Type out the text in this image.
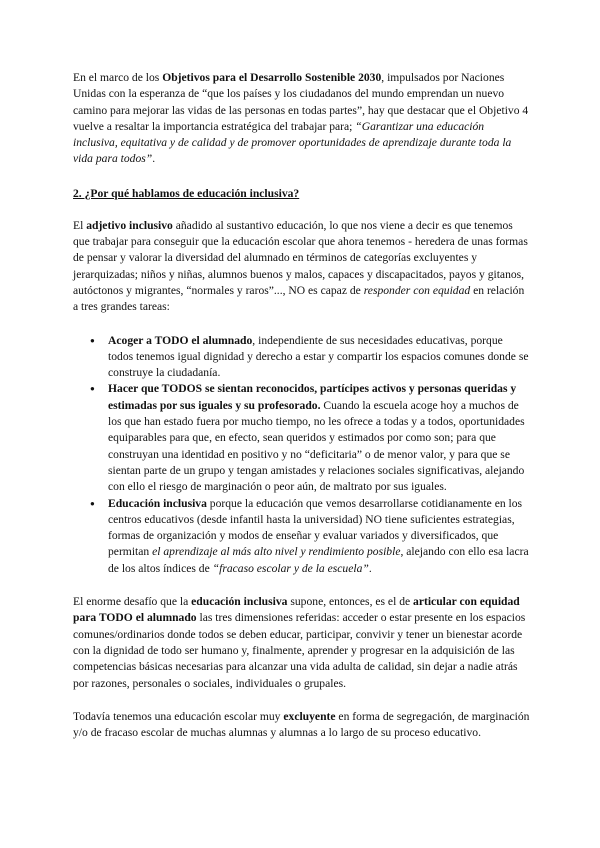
En el marco de los Objetivos para el Desarrollo Sostenible 2030, impulsados por Naciones Unidas con la esperanza de “que los países y los ciudadanos del mundo emprendan un nuevo camino para mejorar las vidas de las personas en todas partes”, hay que destacar que el Objetivo 4 vuelve a resaltar la importancia estratégica del trabajar para; “Garantizar una educación inclusiva, equitativa y de calidad y de promover oportunidades de aprendizaje durante toda la vida para todos”.

2. ¿Por qué hablamos de educación inclusiva?

El adjetivo inclusivo añadido al sustantivo educación, lo que nos viene a decir es que tenemos que trabajar para conseguir que la educación escolar que ahora tenemos - heredera de unas formas de pensar y valorar la diversidad del alumnado en términos de categorías excluyentes y jerarquizadas; niños y niñas, alumnos buenos y malos, capaces y discapacitados, payos y gitanos, autóctonos y migrantes, “normales y raros”..., NO es capaz de responder con equidad en relación a tres grandes tareas:

● Acoger a TODO el alumnado, independiente de sus necesidades educativas, porque todos tenemos igual dignidad y derecho a estar y compartir los espacios comunes donde se construye la ciudadanía.
● Hacer que TODOS se sientan reconocidos, partícipes activos y personas queridas y estimadas por sus iguales y su profesorado. Cuando la escuela acoge hoy a muchos de los que han estado fuera por mucho tiempo, no les ofrece a todas y a todos, oportunidades equiparables para que, en efecto, sean queridos y estimados por como son; para que construyan una identidad en positivo y no “deficitaria” o de menor valor, y para que se sientan parte de un grupo y tengan amistades y relaciones sociales significativas, alejando con ello el riesgo de marginación o peor aún, de maltrato por sus iguales.
● Educación inclusiva porque la educación que vemos desarrollarse cotidianamente en los centros educativos (desde infantil hasta la universidad) NO tiene suficientes estrategias, formas de organización y modos de enseñar y evaluar variados y diversificados, que permitan el aprendizaje al más alto nivel y rendimiento posible, alejando con ello esa lacra de los altos índices de “fracaso escolar y de la escuela”.

El enorme desafío que la educación inclusiva supone, entonces, es el de articular con equidad para TODO el alumnado las tres dimensiones referidas: acceder o estar presente en los espacios comunes/ordinarios donde todos se deben educar, participar, convivir y tener un bienestar acorde con la dignidad de todo ser humano y, finalmente, aprender y progresar en la adquisición de las competencias básicas necesarias para alcanzar una vida adulta de calidad, sin dejar a nadie atrás por razones, personales o sociales, individuales o grupales.

Todavía tenemos una educación escolar muy excluyente en forma de segregación, de marginación y/o de fracaso escolar de muchas alumnas y alumnas a lo largo de su proceso educativo.
